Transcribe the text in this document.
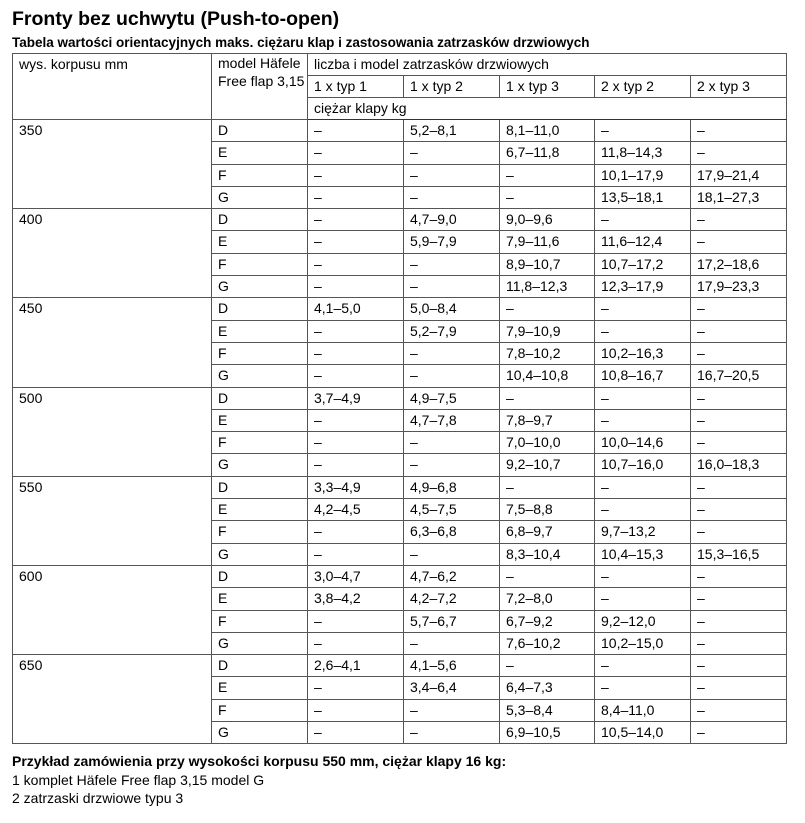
Fronty bez uchwytu (Push-to-open)
Tabela wartości orientacyjnych maks. ciężaru klap i zastosowania zatrzasków drzwiowych
wys. korpusu mm	model Häfele Free flap 3,15	liczba i model zatrzasków drzwiowych				
		1 x typ 1	1 x typ 2	1 x typ 3	2 x typ 2	2 x typ 3
		ciężar klapy kg				
350	D	–	5,2–8,1	8,1–11,0	–	–
	E	–	–	6,7–11,8	11,8–14,3	–
	F	–	–	–	10,1–17,9	17,9–21,4
	G	–	–	–	13,5–18,1	18,1–27,3
400	D	–	4,7–9,0	9,0–9,6	–	–
	E	–	5,9–7,9	7,9–11,6	11,6–12,4	–
	F	–	–	8,9–10,7	10,7–17,2	17,2–18,6
	G	–	–	11,8–12,3	12,3–17,9	17,9–23,3
450	D	4,1–5,0	5,0–8,4	–	–	–
	E	–	5,2–7,9	7,9–10,9	–	–
	F	–	–	7,8–10,2	10,2–16,3	–
	G	–	–	10,4–10,8	10,8–16,7	16,7–20,5
500	D	3,7–4,9	4,9–7,5	–	–	–
	E	–	4,7–7,8	7,8–9,7	–	–
	F	–	–	7,0–10,0	10,0–14,6	–
	G	–	–	9,2–10,7	10,7–16,0	16,0–18,3
550	D	3,3–4,9	4,9–6,8	–	–	–
	E	4,2–4,5	4,5–7,5	7,5–8,8	–	–
	F	–	6,3–6,8	6,8–9,7	9,7–13,2	–
	G	–	–	8,3–10,4	10,4–15,3	15,3–16,5
600	D	3,0–4,7	4,7–6,2	–	–	–
	E	3,8–4,2	4,2–7,2	7,2–8,0	–	–
	F	–	5,7–6,7	6,7–9,2	9,2–12,0	–
	G	–	–	7,6–10,2	10,2–15,0	–
650	D	2,6–4,1	4,1–5,6	–	–	–
	E	–	3,4–6,4	6,4–7,3	–	–
	F	–	–	5,3–8,4	8,4–11,0	–
	G	–	–	6,9–10,5	10,5–14,0	–
Przykład zamówienia przy wysokości korpusu 550 mm, ciężar klapy 16 kg:
1 komplet Häfele Free flap 3,15 model G
2 zatrzaski drzwiowe typu 3
